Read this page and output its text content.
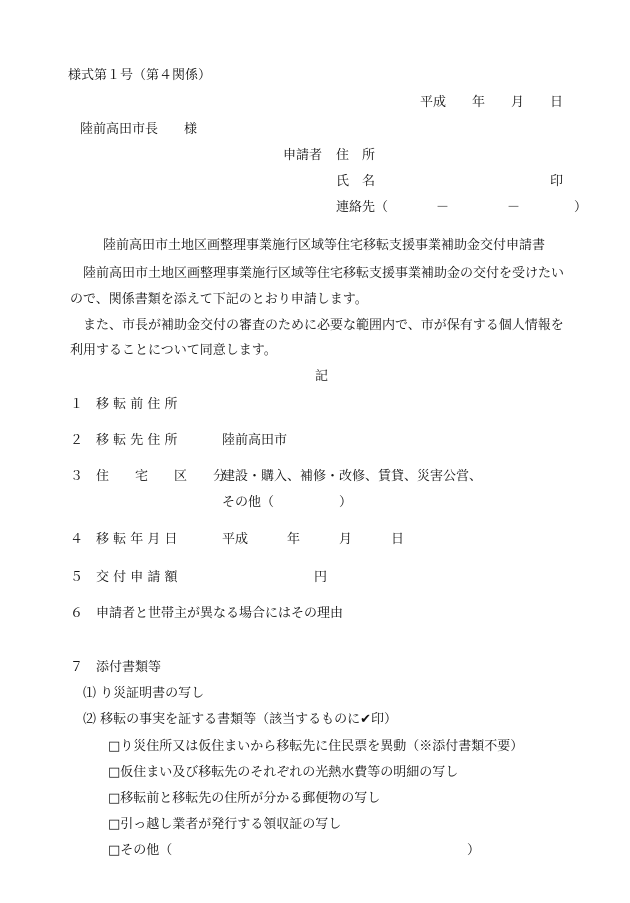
様式第１号（第４関係）
平成　　年　　月　　日
陸前高田市長　　様
申請者 住　所
氏　名	印
連絡先（	－	－	）
陸前高田市土地区画整理事業施行区域等住宅移転支援事業補助金交付申請書
陸前高田市土地区画整理事業施行区域等住宅移転支援事業補助金の交付を受けたい
ので、関係書類を添えて下記のとおり申請します。
また、市長が補助金交付の審査のために必要な範囲内で、市が保有する個人情報を
利用することについて同意します。
記
１ 移 転 前 住 所
２ 移 転 先 住 所	陸前高田市
３ 住　　宅　　区　　分
建設・購入、補修・改修、賃貸、災害公営、
その他（　　　　　）
４ 移 転 年 月 日	平成　　　年　　　月　　　日
５ 交 付 申 請 額	円
６ 申請者と世帯主が異なる場合にはその理由
７ 添付書類等
⑴ り災証明書の写し
⑵ 移転の事実を証する書類等（該当するものに✔印）
□り災住所又は仮住まいから移転先に住民票を異動（※添付書類不要）
□仮住まい及び移転先のそれぞれの光熱水費等の明細の写し
□移転前と移転先の住所が分かる郵便物の写し
□引っ越し業者が発行する領収証の写し
□その他（	）
